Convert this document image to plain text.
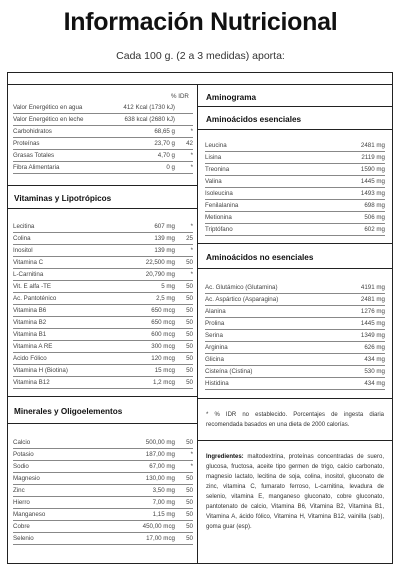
Información Nutricional
Cada 100 g. (2 a 3 medidas) aporta:
% IDR
Valor Energético en agua	412 Kcal (1730 kJ)
Valor Energético en leche	638 kcal (2680 kJ)
Carbohidratos	68,65 g	*
Proteínas	23,70 g	42
Grasas Totales	4,70 g	*
Fibra Alimentaria	0 g	*
Vitaminas y Lipotrópicos
Lecitina	607 mg	*
Colina	139 mg	25
Inositol	139 mg	*
Vitamina C	22,500 mg	50
L-Carnitina	20,790 mg	*
Vit. E alfa -TE	5 mg	50
Ac. Pantoténico	2,5 mg	50
Vitamina B6	650 mcg	50
Vitamina B2	650 mcg	50
Vitamina B1	600 mcg	50
Vitamina A RE	300 mcg	50
Ácido Fólico	120 mcg	50
Vitamina H (Biotina)	15 mcg	50
Vitamina B12	1,2 mcg	50
Minerales y Oligoelementos
Calcio	500,00 mg	50
Potasio	187,00 mg	*
Sodio	67,00 mg	*
Magnesio	130,00 mg	50
Zinc	3,50 mg	50
Hierro	7,00 mg	50
Manganeso	1,15 mg	50
Cobre	450,00 mcg	50
Selenio	17,00 mcg	50
Aminograma
Aminoácidos esenciales
Leucina	2481 mg
Lisina	2119 mg
Treonina	1590 mg
Valina	1445 mg
Isoleucina	1493 mg
Fenilalanina	698 mg
Metionina	506 mg
Triptófano	602 mg
Aminoácidos no esenciales
Ac. Glutámico (Glutamina)	4191 mg
Ac. Aspártico (Asparagina)	2481 mg
Alanina	1276 mg
Prolina	1445 mg
Serina	1349 mg
Arginina	626 mg
Glicina	434 mg
Cisteína (Cistina)	530 mg
Histidina	434 mg
* % IDR no establecido. Porcentajes de ingesta diaria recomendada basados en una dieta de 2000 calorías.
Ingredientes: maltodextrina, proteínas concentradas de suero, glucosa, fructosa, aceite tipo germen de trigo, calcio carbonato, magnesio lactato, lecitina de soja, colina, inositol, gluconato de zinc, vitamina C, fumarato ferroso, L-carnitina, levadura de selenio, vitamina E, manganeso gluconato, cobre gluconato, pantotenato de calcio, Vitamina B6, Vitamina B2, Vitamina B1, Vitamina A, ácido fólico, Vitamina H, Vitamina B12, vainilla (sab), goma guar (esp).
